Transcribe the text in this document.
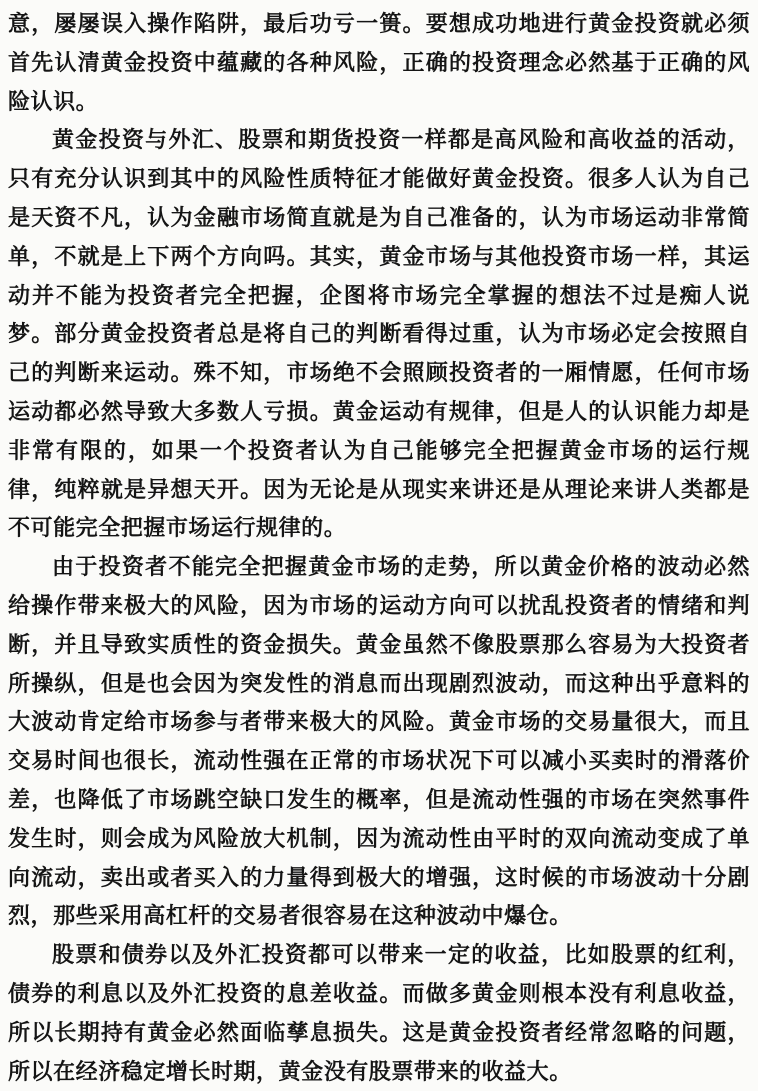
意，屡屡误入操作陷阱，最后功亏一篑。要想成功地进行黄金投资就必须首先认清黄金投资中蕴藏的各种风险，正确的投资理念必然基于正确的风险认识。

黄金投资与外汇、股票和期货投资一样都是高风险和高收益的活动，只有充分认识到其中的风险性质特征才能做好黄金投资。很多人认为自己是天资不凡，认为金融市场简直就是为自己准备的，认为市场运动非常简单，不就是上下两个方向吗。其实，黄金市场与其他投资市场一样，其运动并不能为投资者完全把握，企图将市场完全掌握的想法不过是痴人说梦。部分黄金投资者总是将自己的判断看得过重，认为市场必定会按照自己的判断来运动。殊不知，市场绝不会照顾投资者的一厢情愿，任何市场运动都必然导致大多数人亏损。黄金运动有规律，但是人的认识能力却是非常有限的，如果一个投资者认为自己能够完全把握黄金市场的运行规律，纯粹就是异想天开。因为无论是从现实来讲还是从理论来讲人类都是不可能完全把握市场运行规律的。

由于投资者不能完全把握黄金市场的走势，所以黄金价格的波动必然给操作带来极大的风险，因为市场的运动方向可以扰乱投资者的情绪和判断，并且导致实质性的资金损失。黄金虽然不像股票那么容易为大投资者所操纵，但是也会因为突发性的消息而出现剧烈波动，而这种出乎意料的大波动肯定给市场参与者带来极大的风险。黄金市场的交易量很大，而且交易时间也很长，流动性强在正常的市场状况下可以减小买卖时的滑落价差，也降低了市场跳空缺口发生的概率，但是流动性强的市场在突然事件发生时，则会成为风险放大机制，因为流动性由平时的双向流动变成了单向流动，卖出或者买入的力量得到极大的增强，这时候的市场波动十分剧烈，那些采用高杠杆的交易者很容易在这种波动中爆仓。

股票和债券以及外汇投资都可以带来一定的收益，比如股票的红利，债券的利息以及外汇投资的息差收益。而做多黄金则根本没有利息收益，所以长期持有黄金必然面临孳息损失。这是黄金投资者经常忽略的问题，所以在经济稳定增长时期，黄金没有股票带来的收益大。
